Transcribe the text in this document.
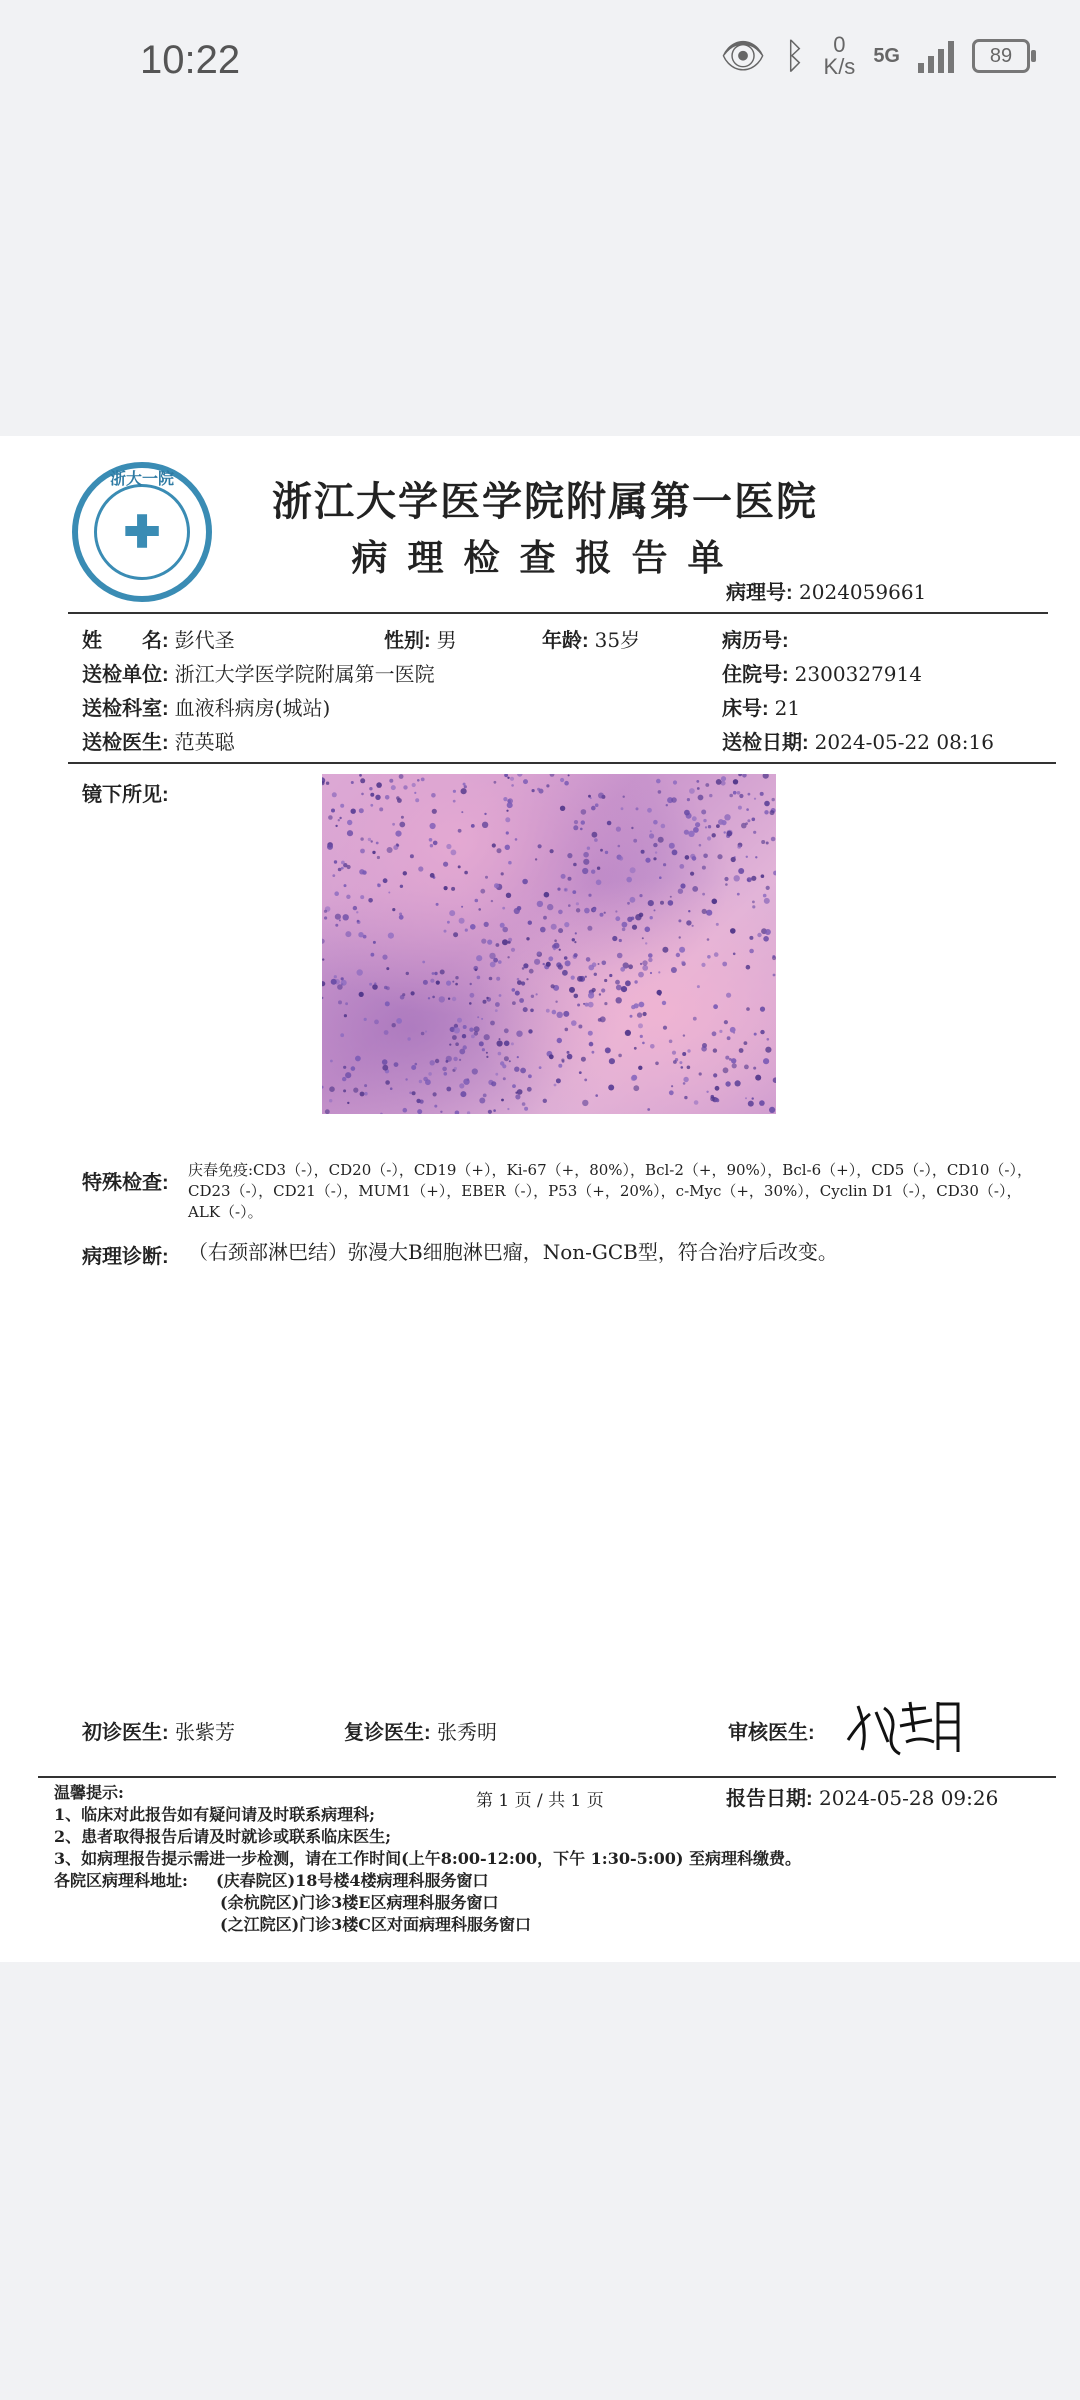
10:22	👁 ᛒ 0
K/s 5G	89
✚
浙大一院	浙江大学医学院附属第一医院
病理检查报告单
病理号: 2024059661
姓　　名: 彭代圣	性别: 男	年龄: 35岁	病历号:
送检单位: 浙江大学医学院附属第一医院	住院号: 2300327914
送检科室: 血液科病房(城站)	床号: 21
送检医生: 范英聪	送检日期: 2024-05-22 08:16
镜下所见:
特殊检查:
庆春免疫:CD3（-），CD20（-），CD19（+），Ki-67（+，80%），Bcl-2（+，90%），Bcl-6（+），CD5（-），CD10（-），CD23（-），CD21（-），MUM1（+），EBER（-），P53（+，20%），c-Myc（+，30%），Cyclin D1（-），CD30（-），ALK（-）。
病理诊断: （右颈部淋巴结）弥漫大B细胞淋巴瘤，Non-GCB型，符合治疗后改变。
初诊医生: 张紫芳	复诊医生: 张秀明	审核医生:
温馨提示:	第 1 页 / 共 1 页	报告日期: 2024-05-28 09:26
1、临床对此报告如有疑问请及时联系病理科;
2、患者取得报告后请及时就诊或联系临床医生;
3、如病理报告提示需进一步检测，请在工作时间(上午8:00-12:00，下午 1:30-5:00) 至病理科缴费。
各院区病理科地址: (庆春院区)18号楼4楼病理科服务窗口
(余杭院区)门诊3楼E区病理科服务窗口
(之江院区)门诊3楼C区对面病理科服务窗口
